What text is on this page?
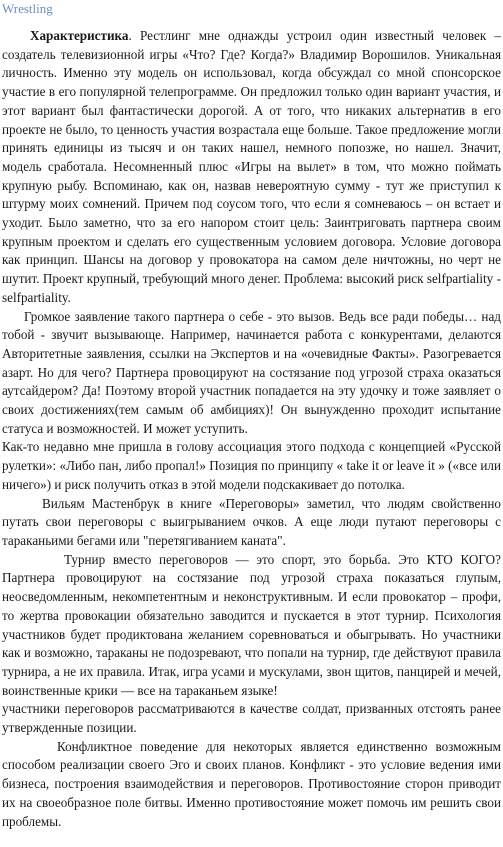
Wrestling

Характеристика. Рестлинг мне однажды устроил один известный человек – создатель телевизионной игры «Что? Где? Когда?» Владимир Ворошилов. Уникальная личность. Именно эту модель он использовал, когда обсуждал со мной спонсорское участие в его популярной телепрограмме. Он предложил только один вариант участия, и этот вариант был фантастически дорогой. А от того, что никаких альтернатив в его проекте не было, то ценность участия возрастала еще больше. Такое предложение могли принять единицы из тысяч и он таких нашел, немного попозже, но нашел. Значит, модель сработала. Несомненный плюс «Игры на вылет» в том, что можно поймать крупную рыбу. Вспоминаю, как он, назвав невероятную сумму - тут же приступил к штурму моих сомнений. Причем под соусом того, что если я сомневаюсь – он встает и уходит. Было заметно, что за его напором стоит цель: Заинтриговать партнера своим крупным проектом и сделать его существенным условием договора. Условие договора как принцип. Шансы на договор у провокатора на самом деле ничтожны, но черт не шутит. Проект крупный, требующий много денег. Проблема: высокий риск selfpartiality - selfpartiality.

Громкое заявление такого партнера о себе - это вызов. Ведь все ради победы… над тобой - звучит вызывающе. Например, начинается работа с конкурентами, делаются Авторитетные заявления, ссылки на Экспертов и на «очевидные Факты». Разогревается азарт. Но для чего? Партнера провоцируют на состязание под угрозой страха оказаться аутсайдером? Да! Поэтому второй участник попадается на эту удочку и тоже заявляет о своих достижениях(тем самым об амбициях)! Он вынужденно проходит испытание статуса и возможностей. И может уступить.

Как-то недавно мне пришла в голову ассоциация этого подхода с концепцией «Русской рулетки»: «Либо пан, либо пропал!» Позиция по принципу « take it or leave it » («все или ничего») и риск получить отказ в этой модели подскакивает до потолка.

Вильям Мастенбрук в книге «Переговоры» заметил, что людям свойственно путать свои переговоры с выигрыванием очков. А еще люди путают переговоры с тараканьими бегами или "перетягиванием каната".

Турнир вместо переговоров — это спорт, это борьба. Это КТО КОГО? Партнера провоцируют на состязание под угрозой страха показаться глупым, неосведомленным, некомпетентным и неконструктивным. И если провокатор – профи, то жертва провокации обязательно заводится и пускается в этот турнир. Психология участников будет продиктована желанием соревноваться и обыгрывать. Но участники как и возможно, тараканы не подозревают, что попали на турнир, где действуют правила турнира, а не их правила. Итак, игра усами и мускулами, звон щитов, панцирей и мечей, воинственные крики — все на тараканьем языке!

участники переговоров рассматриваются в качестве солдат, призванных отстоять ранее утвержденные позиции.

Конфликтное поведение для некоторых является единственно возможным способом реализации своего Эго и своих планов. Конфликт - это условие ведения ими бизнеса, построения взаимодействия и переговоров. Противостояние сторон приводит их на своеобразное поле битвы. Именно противостояние может помочь им решить свои проблемы.
